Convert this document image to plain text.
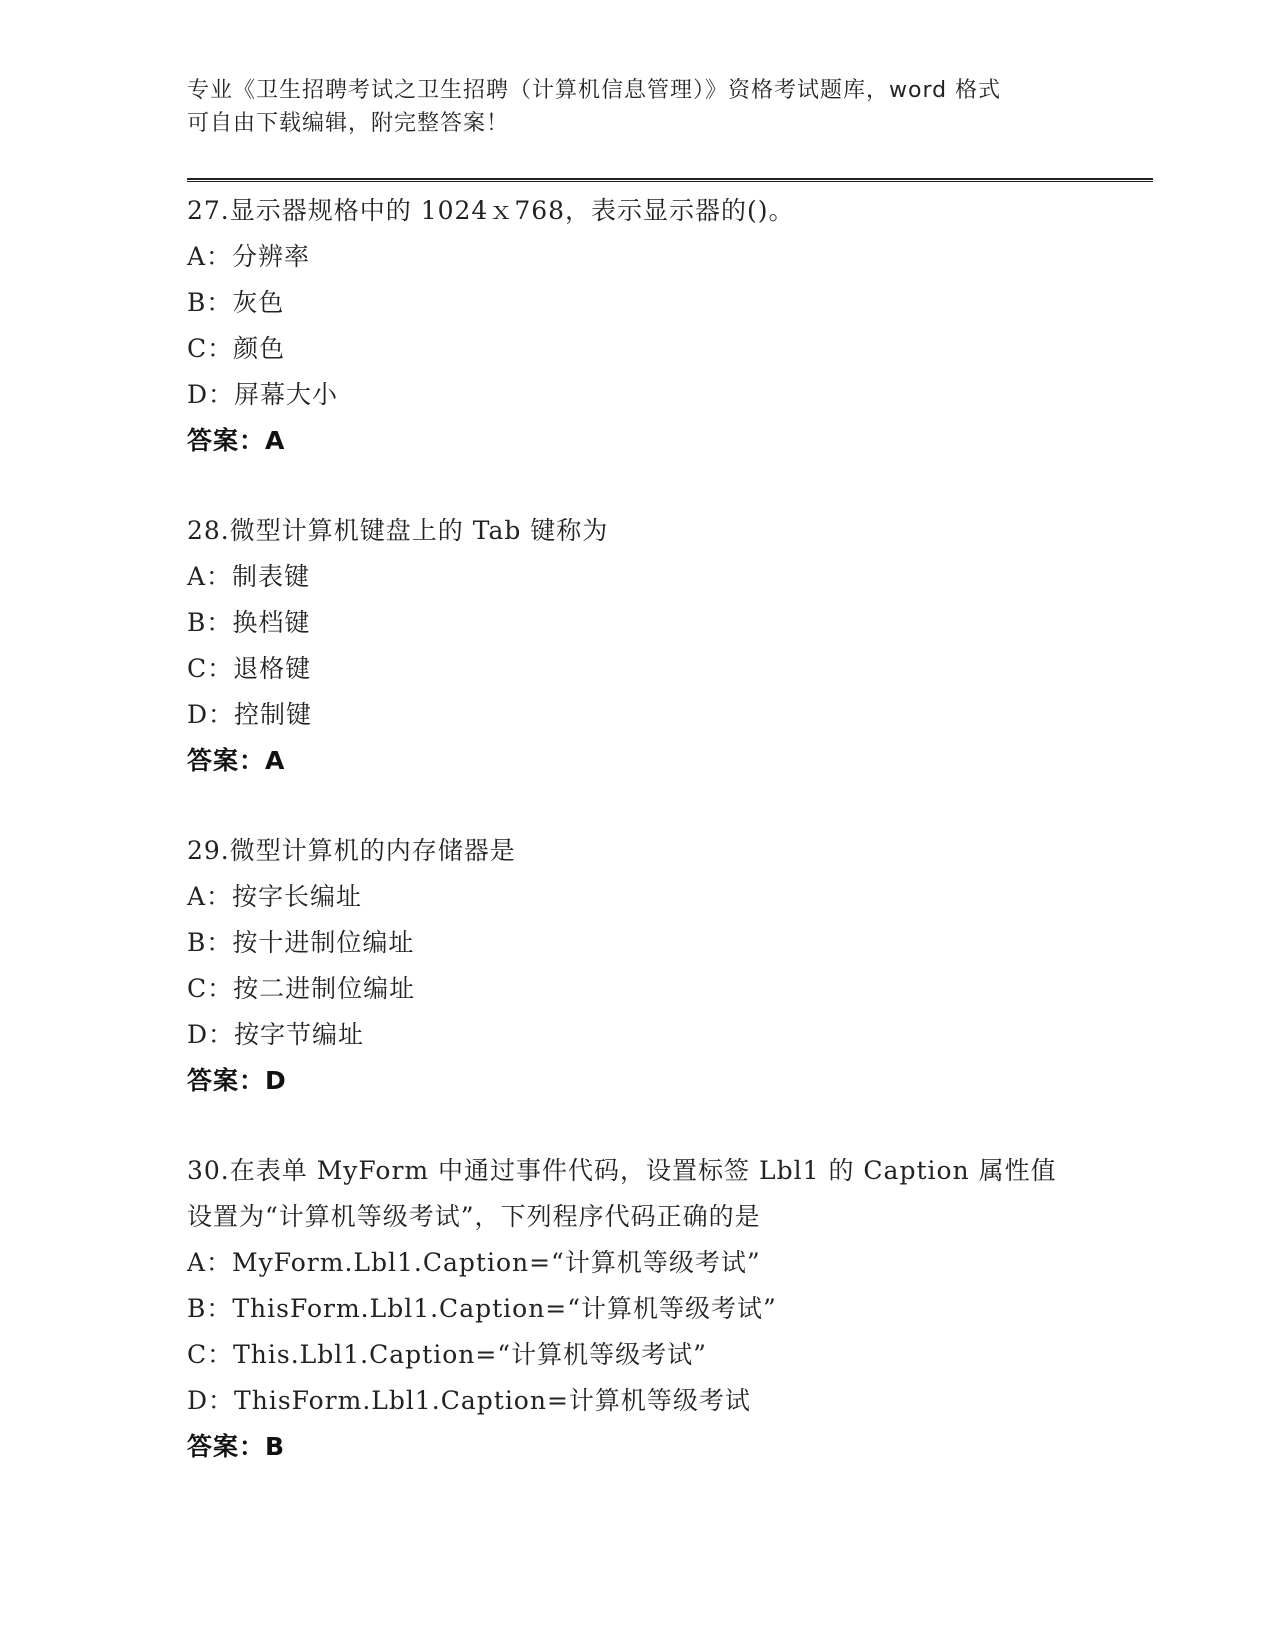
专业《卫生招聘考试之卫生招聘（计算机信息管理）》资格考试题库，word 格式
可自由下载编辑，附完整答案！
27.显示器规格中的 1024ｘ768，表示显示器的()。
A：分辨率
B：灰色
C：颜色
D：屏幕大小
答案：A
28.微型计算机键盘上的 Tab 键称为
A：制表键
B：换档键
C：退格键
D：控制键
答案：A
29.微型计算机的内存储器是
A：按字长编址
B：按十进制位编址
C：按二进制位编址
D：按字节编址
答案：D
30.在表单 MyForm 中通过事件代码，设置标签 Lbl1 的 Caption 属性值
设置为“计算机等级考试”，下列程序代码正确的是
A：MyForm.Lbl1.Caption=“计算机等级考试”
B：ThisForm.Lbl1.Caption=“计算机等级考试”
C：This.Lbl1.Caption=“计算机等级考试”
D：ThisForm.Lbl1.Caption=计算机等级考试
答案：B
